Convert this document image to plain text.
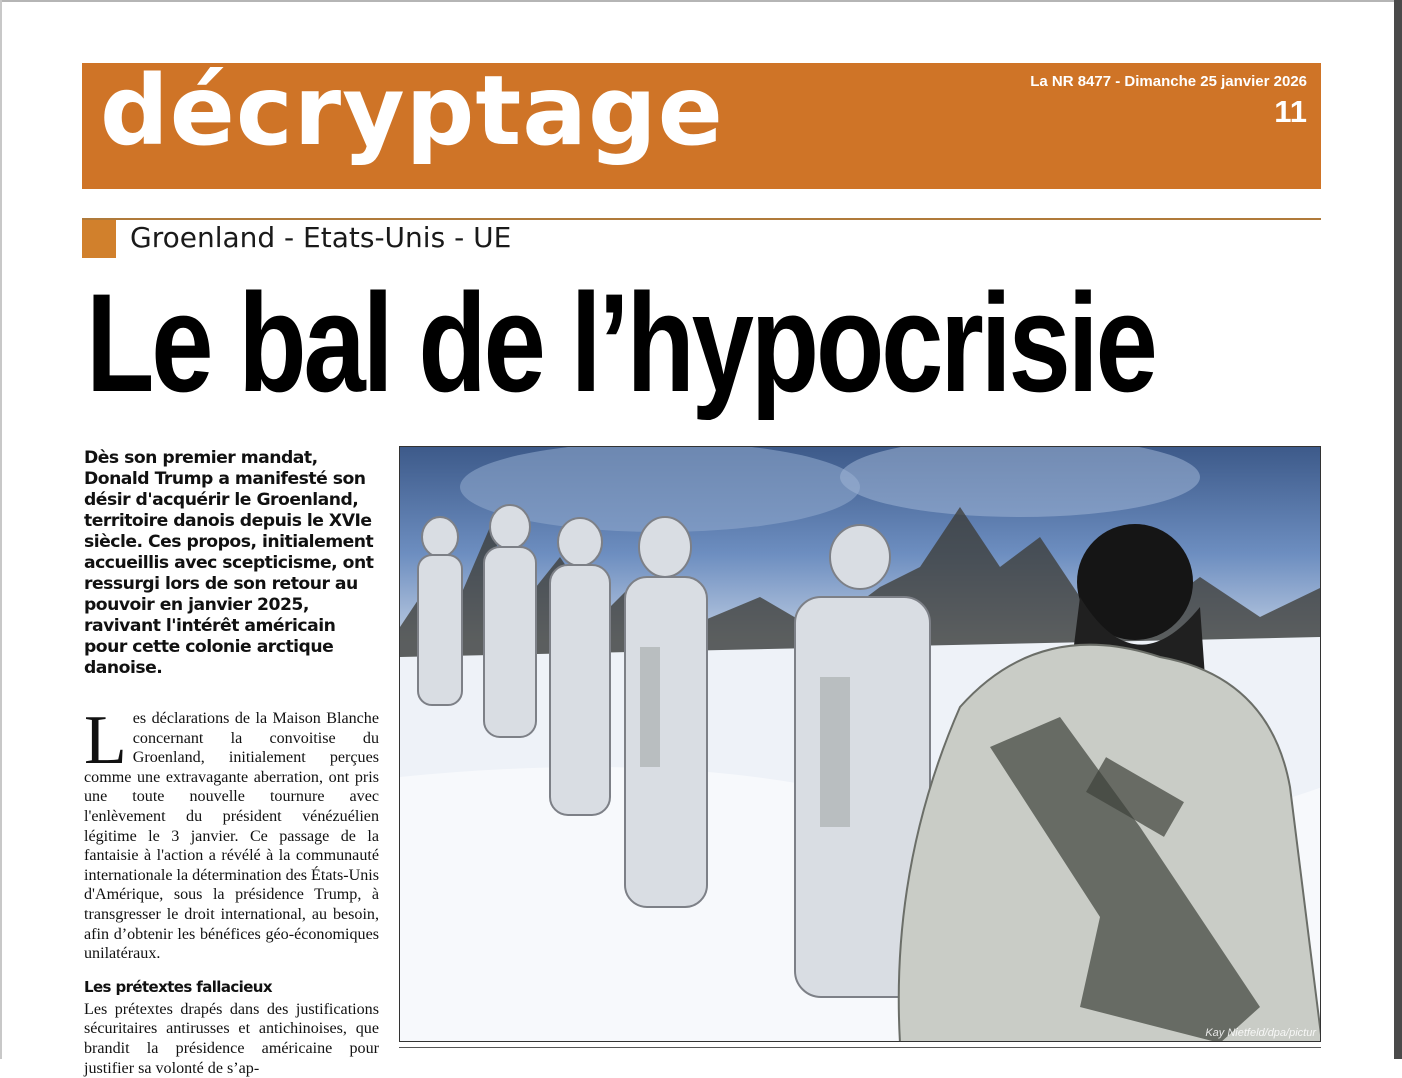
décryptage	La NR 8477 - Dimanche 25 janvier 2026
11
Groenland - Etats-Unis - UE
Le bal de l’hypocrisie

Dès son premier mandat, Donald Trump a manifesté son désir d'acquérir le Groenland, territoire danois depuis le XVIe siècle. Ces propos, initialement accueillis avec scepticisme, ont ressurgi lors de son retour au pouvoir en janvier 2025, ravivant l'intérêt américain pour cette colonie arctique danoise.

Les déclarations de la Maison Blanche concernant la convoitise du Groenland, initialement perçues comme une extravagante aberration, ont pris une toute nouvelle tournure avec l'enlèvement du président vénézuélien légitime le 3 janvier. Ce passage de la fantaisie à l'action a révélé à la communauté internationale la détermination des États-Unis d'Amérique, sous la présidence Trump, à transgresser le droit international, au besoin, afin d’obtenir les bénéfices géo-économiques unilatéraux.

Les prétextes fallacieux

Les prétextes drapés dans des justifications sécuritaires antirusses et antichinoises, que brandit la présidence américaine pour justifier sa volonté de s’ap-

Kay Nietfeld/dpa/pictur
